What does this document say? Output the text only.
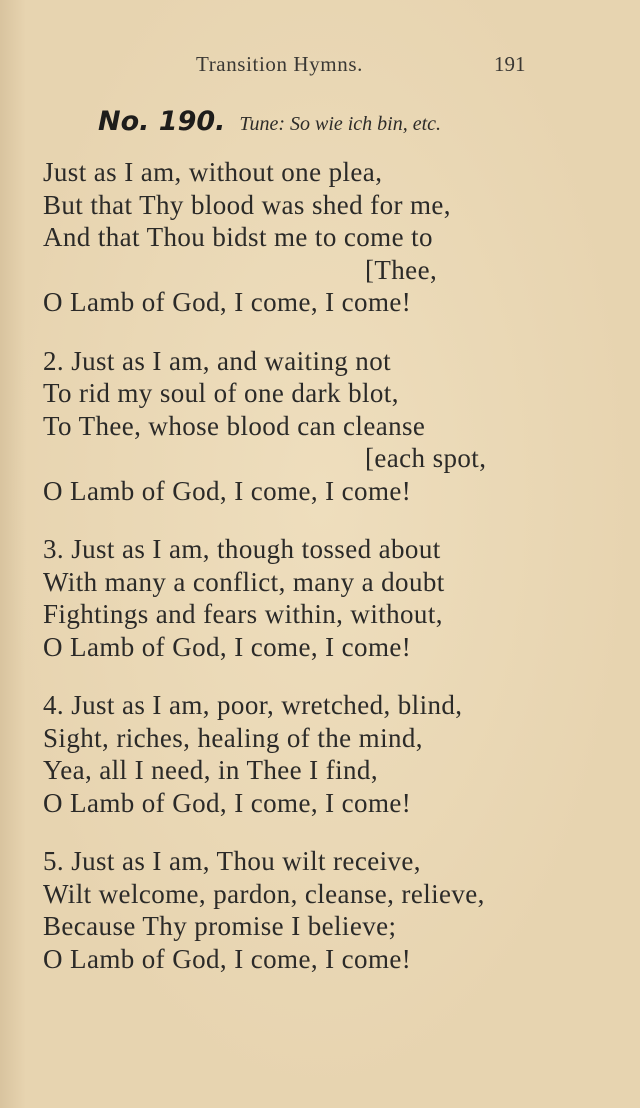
Transition Hymns.	191
No. 190. Tune: So wie ich bin, etc.
Just as I am, without one plea,
But that Thy blood was shed for me,
And that Thou bidst me to come to
[Thee,
O Lamb of God, I come, I come!
2. Just as I am, and waiting not
To rid my soul of one dark blot,
To Thee, whose blood can cleanse
[each spot,
O Lamb of God, I come, I come!
3. Just as I am, though tossed about
With many a conflict, many a doubt
Fightings and fears within, without,
O Lamb of God, I come, I come!
4. Just as I am, poor, wretched, blind,
Sight, riches, healing of the mind,
Yea, all I need, in Thee I find,
O Lamb of God, I come, I come!
5. Just as I am, Thou wilt receive,
Wilt welcome, pardon, cleanse, relieve,
Because Thy promise I believe;
O Lamb of God, I come, I come!
